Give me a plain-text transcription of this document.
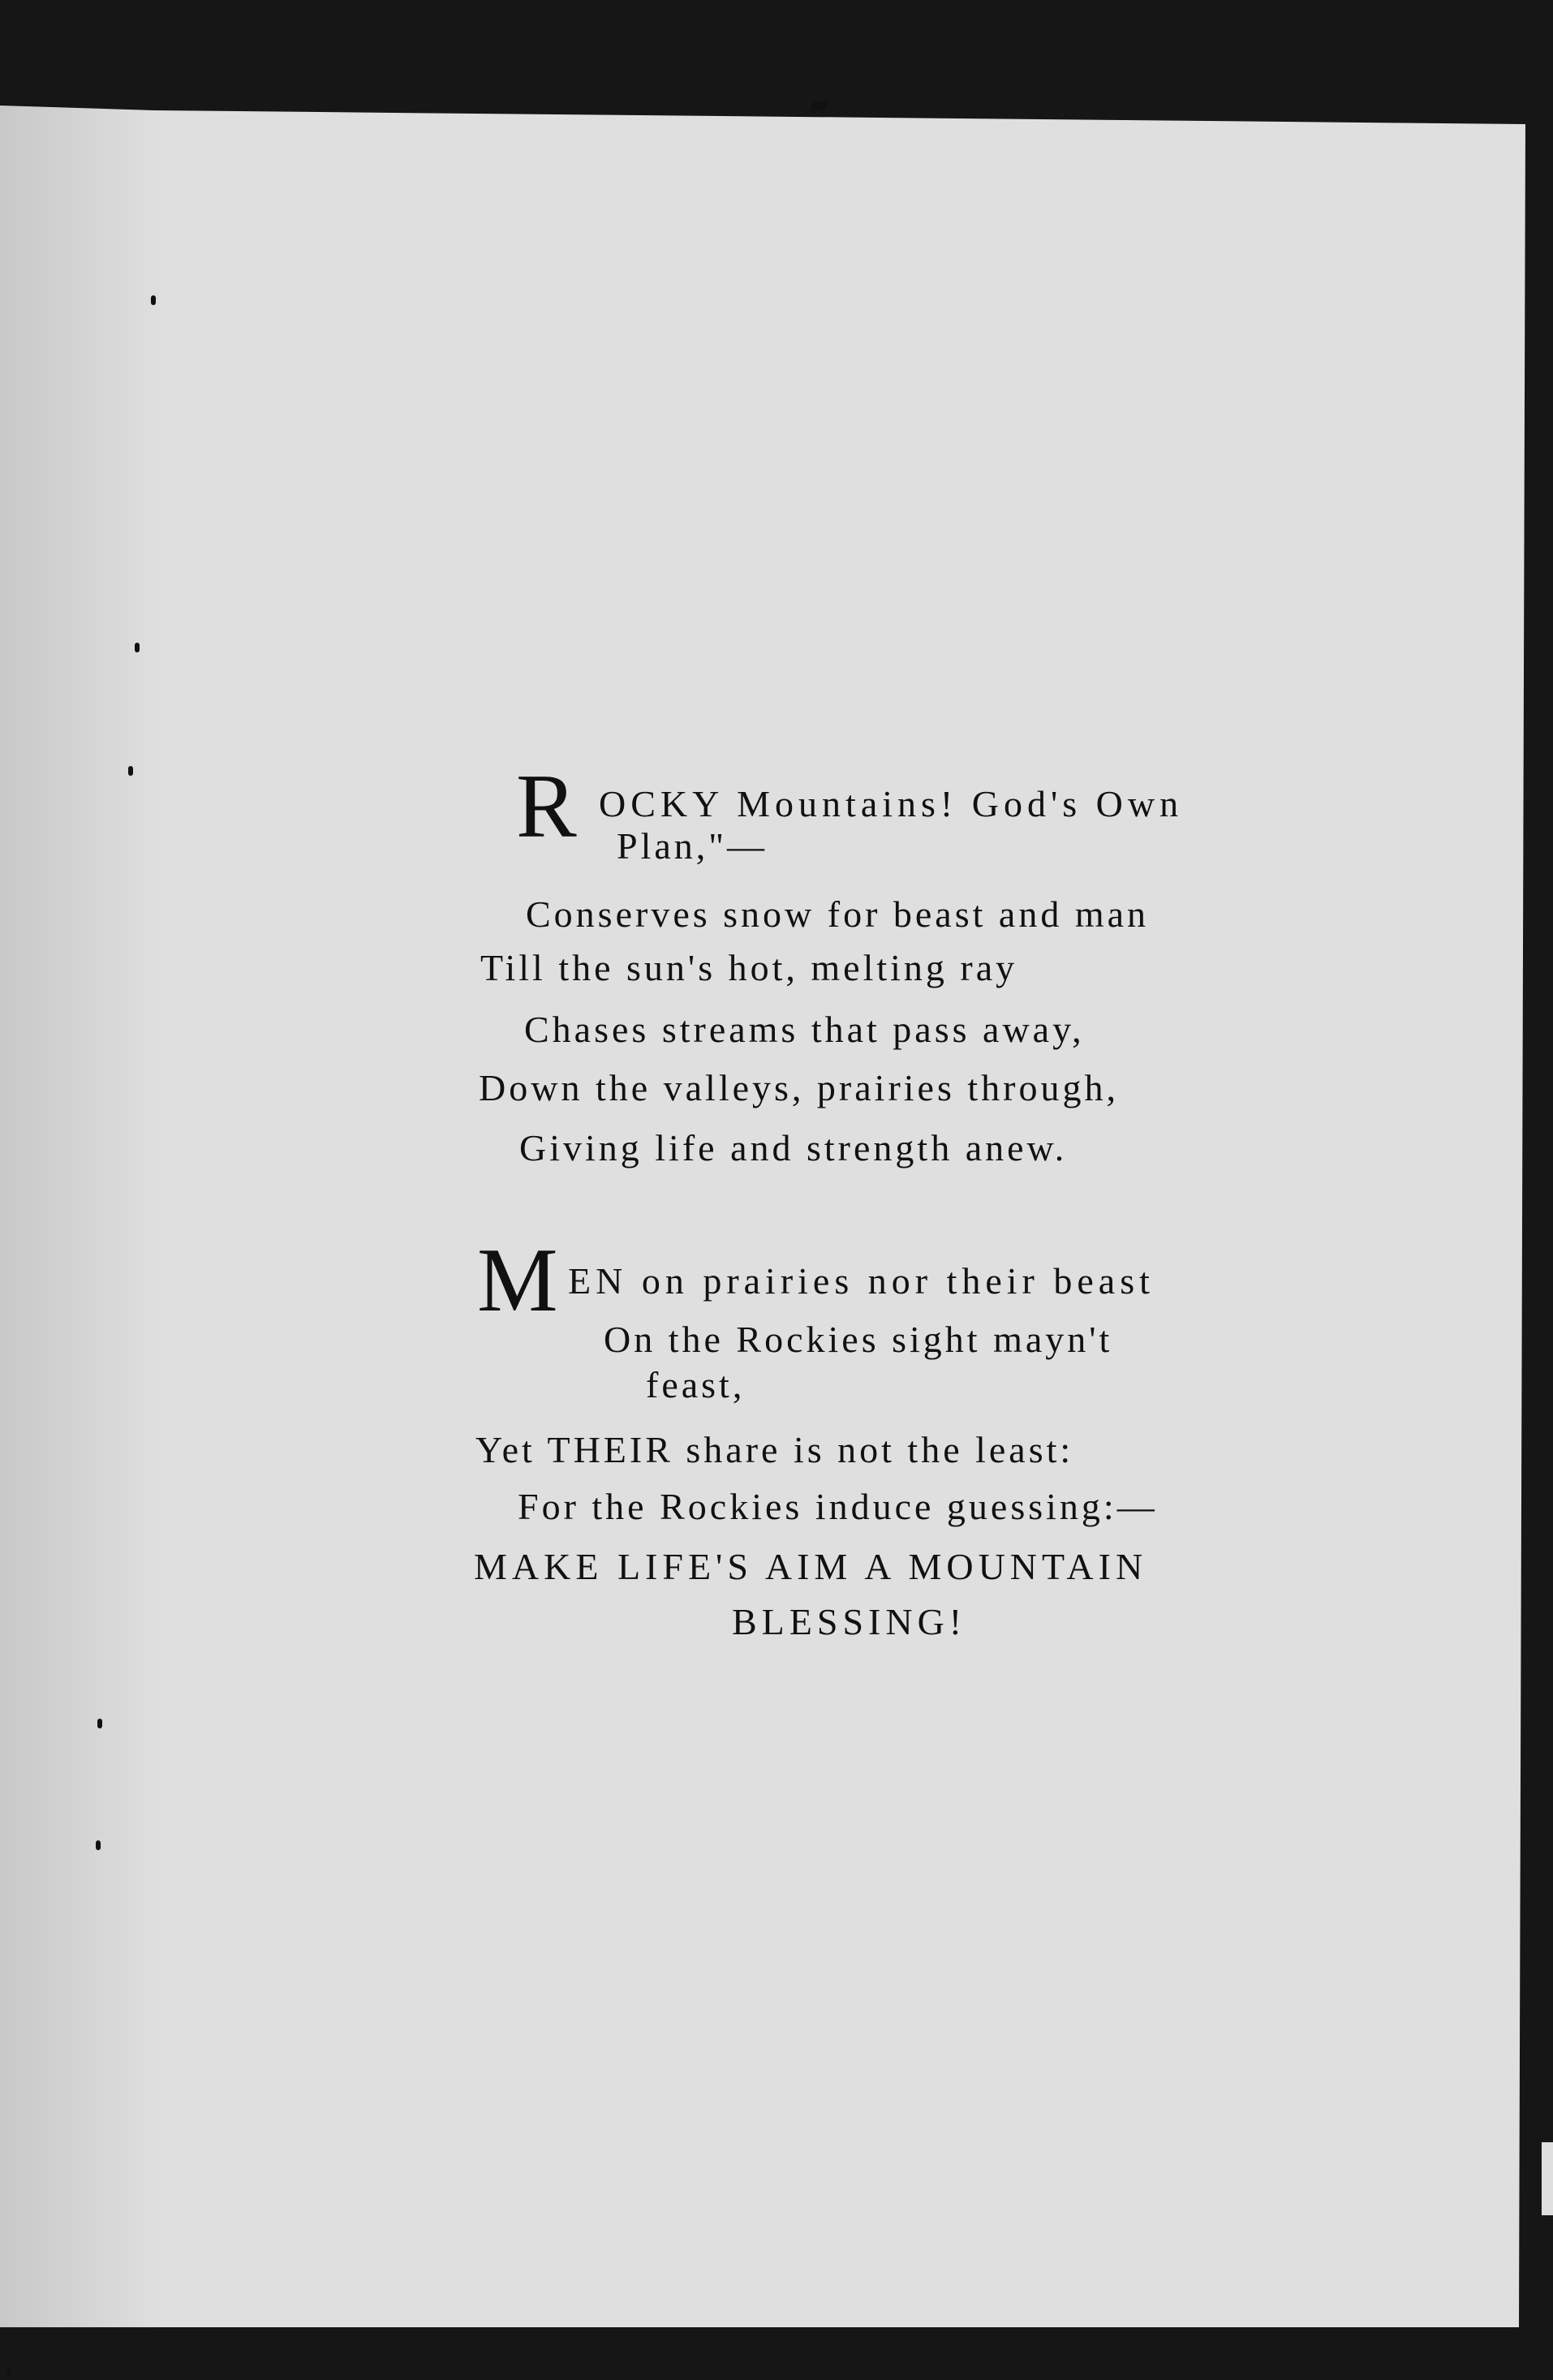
R OCKY Mountains! God's Own
Plan,"—
Conserves snow for beast and man
Till the sun's hot, melting ray
Chases streams that pass away,
Down the valleys, prairies through,
Giving life and strength anew.
M EN on prairies nor their beast
On the Rockies sight mayn't
feast,
Yet THEIR share is not the least:
For the Rockies induce guessing:—
MAKE LIFE'S AIM A MOUNTAIN
BLESSING!
